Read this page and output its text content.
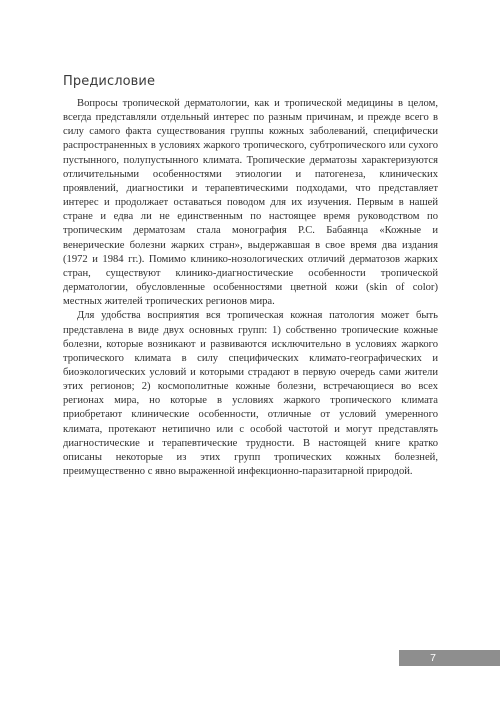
Предисловие

Вопросы тропической дерматологии, как и тропической медицины в целом, всегда представляли отдельный интерес по разным причинам, и прежде всего в силу самого факта существования группы кожных заболеваний, специфически распространенных в условиях жаркого тропического, субтропического или сухого пустынного, полупустынного климата. Тропические дерматозы характеризуются отличительными особенностями этиологии и патогенеза, клинических проявлений, диагностики и терапевтическими подходами, что представляет интерес и продолжает оставаться поводом для их изучения. Первым в нашей стране и едва ли не единственным по настоящее время руководством по тропическим дерматозам стала монография Р.С. Бабаянца «Кожные и венерические болезни жарких стран», выдержавшая в свое время два издания (1972 и 1984 гг.). Помимо клинико-нозологических отличий дерматозов жарких стран, существуют клинико-диагностические особенности тропической дерматологии, обусловленные особенностями цветной кожи (skin of color) местных жителей тропических регионов мира.

Для удобства восприятия вся тропическая кожная патология может быть представлена в виде двух основных групп: 1) собственно тропические кожные болезни, которые возникают и развиваются исключительно в условиях жаркого тропического климата в силу специфических климато-географических и биоэкологических условий и которыми страдают в первую очередь сами жители этих регионов; 2) космополитные кожные болезни, встречающиеся во всех регионах мира, но которые в условиях жаркого тропического климата приобретают клинические особенности, отличные от условий умеренного климата, протекают нетипично или с особой частотой и могут представлять диагностические и терапевтические трудности. В настоящей книге кратко описаны некоторые из этих групп тропических кожных болезней, преимущественно с явно выраженной инфекционно-паразитарной природой.

7
